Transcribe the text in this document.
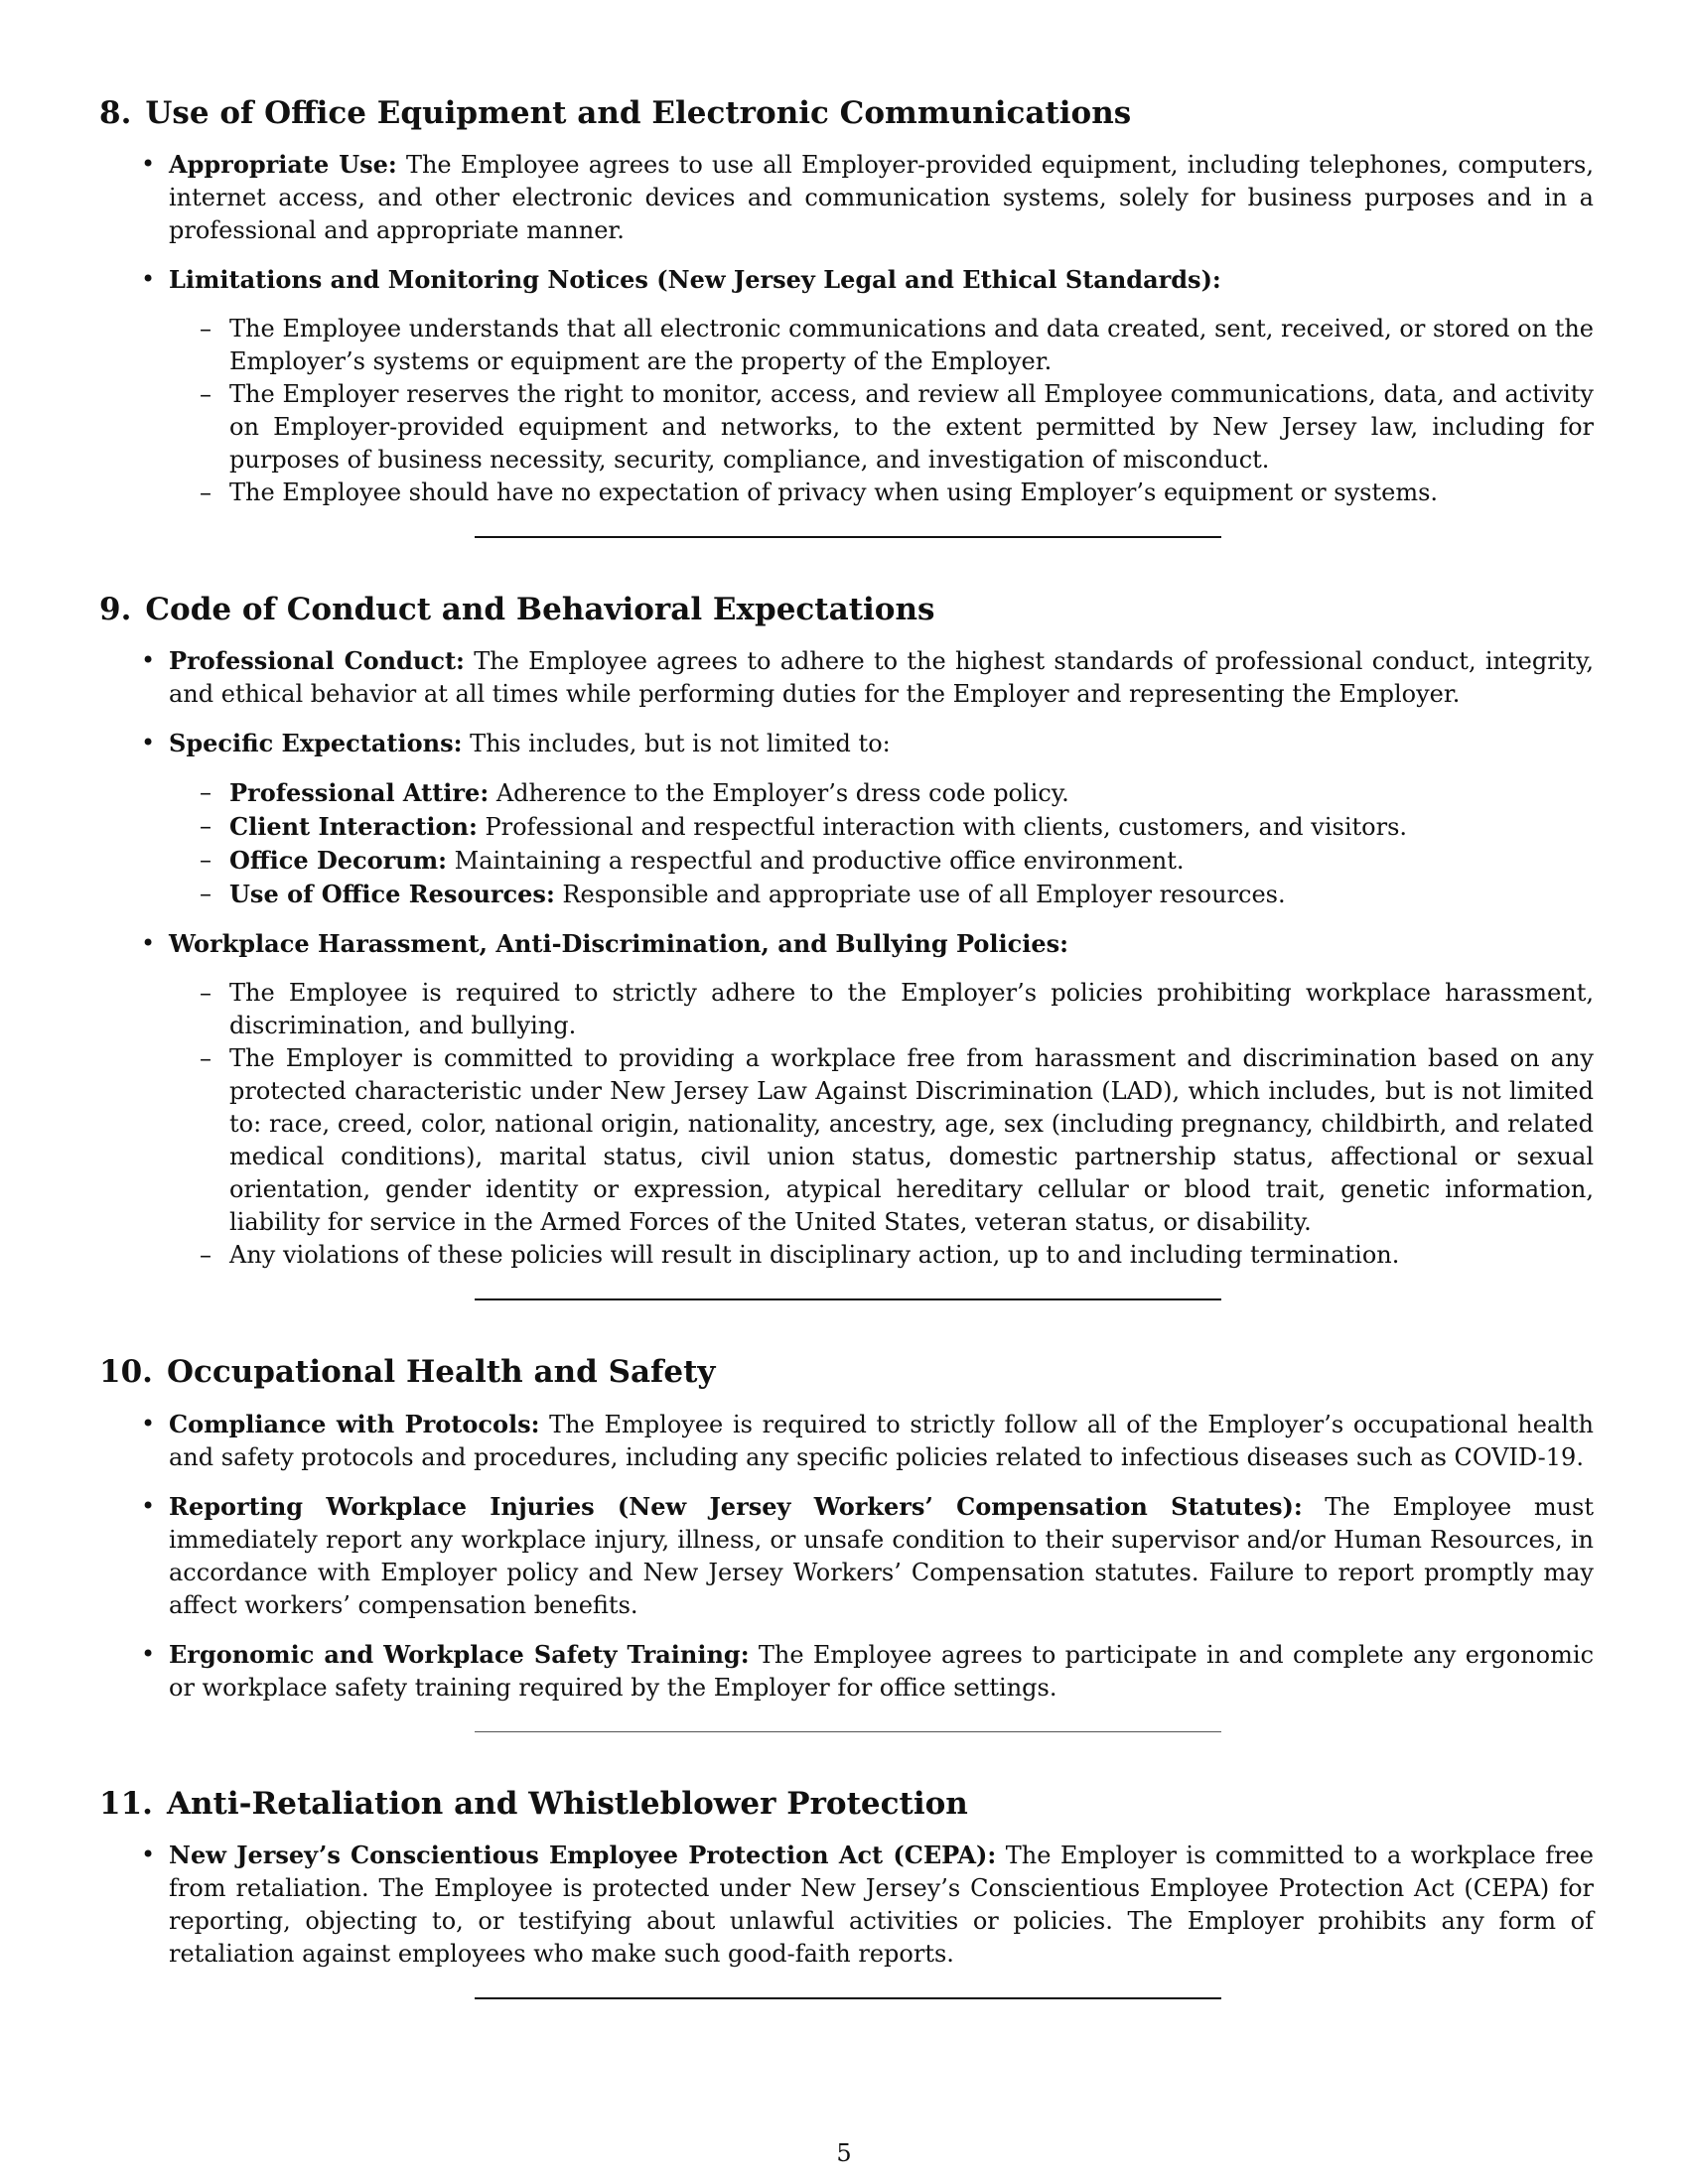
8. Use of Office Equipment and Electronic Communications
• Appropriate Use: The Employee agrees to use all Employer-provided equipment, including telephones, computers, internet access, and other electronic devices and communication systems, solely for business purposes and in a professional and appropriate manner.
• Limitations and Monitoring Notices (New Jersey Legal and Ethical Standards):
– The Employee understands that all electronic communications and data created, sent, received, or stored on the Employer’s systems or equipment are the property of the Employer.
– The Employer reserves the right to monitor, access, and review all Employee communications, data, and activity on Employer-provided equipment and networks, to the extent permitted by New Jersey law, including for purposes of business necessity, security, compliance, and investigation of misconduct.
– The Employee should have no expectation of privacy when using Employer’s equipment or systems.
9. Code of Conduct and Behavioral Expectations
• Professional Conduct: The Employee agrees to adhere to the highest standards of professional conduct, integrity, and ethical behavior at all times while performing duties for the Employer and representing the Employer.
• Specific Expectations: This includes, but is not limited to:
– Professional Attire: Adherence to the Employer’s dress code policy.
– Client Interaction: Professional and respectful interaction with clients, customers, and visitors.
– Office Decorum: Maintaining a respectful and productive office environment.
– Use of Office Resources: Responsible and appropriate use of all Employer resources.
• Workplace Harassment, Anti-Discrimination, and Bullying Policies:
– The Employee is required to strictly adhere to the Employer’s policies prohibiting workplace harassment, discrimination, and bullying.
– The Employer is committed to providing a workplace free from harassment and discrimination based on any protected characteristic under New Jersey Law Against Discrimination (LAD), which includes, but is not limited to: race, creed, color, national origin, nationality, ancestry, age, sex (including pregnancy, childbirth, and related medical conditions), marital status, civil union status, domestic partnership status, affectional or sexual orientation, gender identity or expression, atypical hereditary cellular or blood trait, genetic information, liability for service in the Armed Forces of the United States, veteran status, or disability.
– Any violations of these policies will result in disciplinary action, up to and including termination.
10. Occupational Health and Safety
• Compliance with Protocols: The Employee is required to strictly follow all of the Employer’s occupational health and safety protocols and procedures, including any specific policies related to infectious diseases such as COVID-19.
• Reporting Workplace Injuries (New Jersey Workers’ Compensation Statutes): The Employee must immediately report any workplace injury, illness, or unsafe condition to their supervisor and/or Human Resources, in accordance with Employer policy and New Jersey Workers’ Compensation statutes. Failure to report promptly may affect workers’ compensation benefits.
• Ergonomic and Workplace Safety Training: The Employee agrees to participate in and complete any ergonomic or workplace safety training required by the Employer for office settings.
11. Anti-Retaliation and Whistleblower Protection
• New Jersey’s Conscientious Employee Protection Act (CEPA): The Employer is committed to a workplace free from retaliation. The Employee is protected under New Jersey’s Conscientious Employee Protection Act (CEPA) for reporting, objecting to, or testifying about unlawful activities or policies. The Employer prohibits any form of retaliation against employees who make such good-faith reports.
5
